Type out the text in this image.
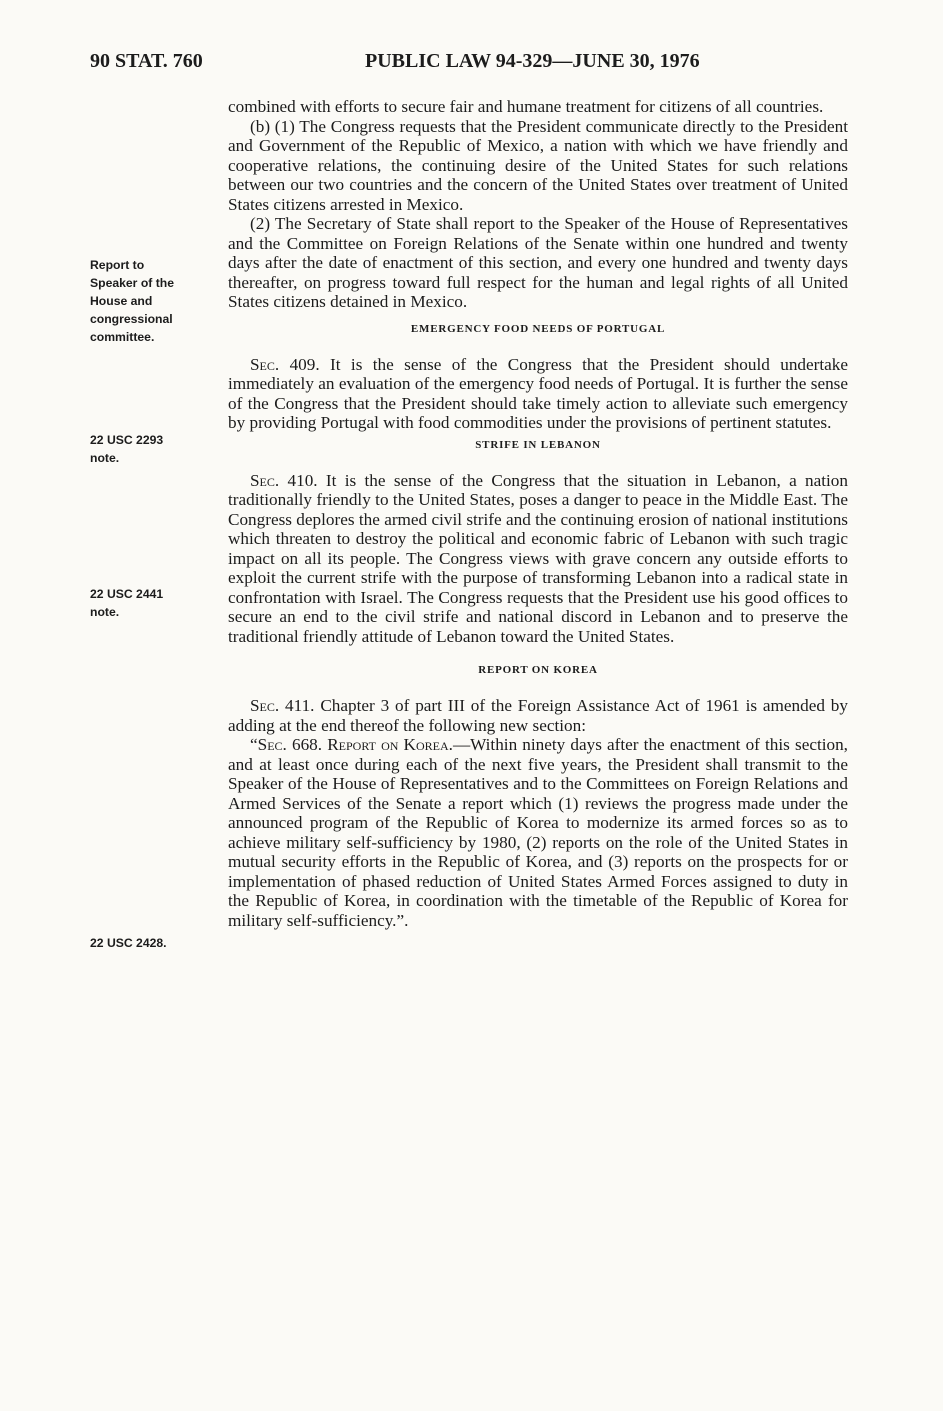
90 STAT. 760	PUBLIC LAW 94-329—JUNE 30, 1976
Report to
Speaker of the
House and
congressional
committee.
22 USC 2293
note.
22 USC 2441
note.
22 USC 2428.

combined with efforts to secure fair and humane treatment for citizens of all countries.

(b) (1) The Congress requests that the President communicate directly to the President and Government of the Republic of Mexico, a nation with which we have friendly and cooperative relations, the continuing desire of the United States for such relations between our two countries and the concern of the United States over treatment of United States citizens arrested in Mexico.

(2) The Secretary of State shall report to the Speaker of the House of Representatives and the Committee on Foreign Relations of the Senate within one hundred and twenty days after the date of enactment of this section, and every one hundred and twenty days thereafter, on progress toward full respect for the human and legal rights of all United States citizens detained in Mexico.

EMERGENCY FOOD NEEDS OF PORTUGAL

Sec. 409. It is the sense of the Congress that the President should undertake immediately an evaluation of the emergency food needs of Portugal. It is further the sense of the Congress that the President should take timely action to alleviate such emergency by providing Portugal with food commodities under the provisions of pertinent statutes.

STRIFE IN LEBANON

Sec. 410. It is the sense of the Congress that the situation in Lebanon, a nation traditionally friendly to the United States, poses a danger to peace in the Middle East. The Congress deplores the armed civil strife and the continuing erosion of national institutions which threaten to destroy the political and economic fabric of Lebanon with such tragic impact on all its people. The Congress views with grave concern any outside efforts to exploit the current strife with the purpose of transforming Lebanon into a radical state in confrontation with Israel. The Congress requests that the President use his good offices to secure an end to the civil strife and national discord in Lebanon and to preserve the traditional friendly attitude of Lebanon toward the United States.

REPORT ON KOREA

Sec. 411. Chapter 3 of part III of the Foreign Assistance Act of 1961 is amended by adding at the end thereof the following new section:

“Sec. 668. Report on Korea.—Within ninety days after the enactment of this section, and at least once during each of the next five years, the President shall transmit to the Speaker of the House of Representatives and to the Committees on Foreign Relations and Armed Services of the Senate a report which (1) reviews the progress made under the announced program of the Republic of Korea to modernize its armed forces so as to achieve military self-sufficiency by 1980, (2) reports on the role of the United States in mutual security efforts in the Republic of Korea, and (3) reports on the prospects for or implementation of phased reduction of United States Armed Forces assigned to duty in the Republic of Korea, in coordination with the timetable of the Republic of Korea for military self-sufficiency.”.
